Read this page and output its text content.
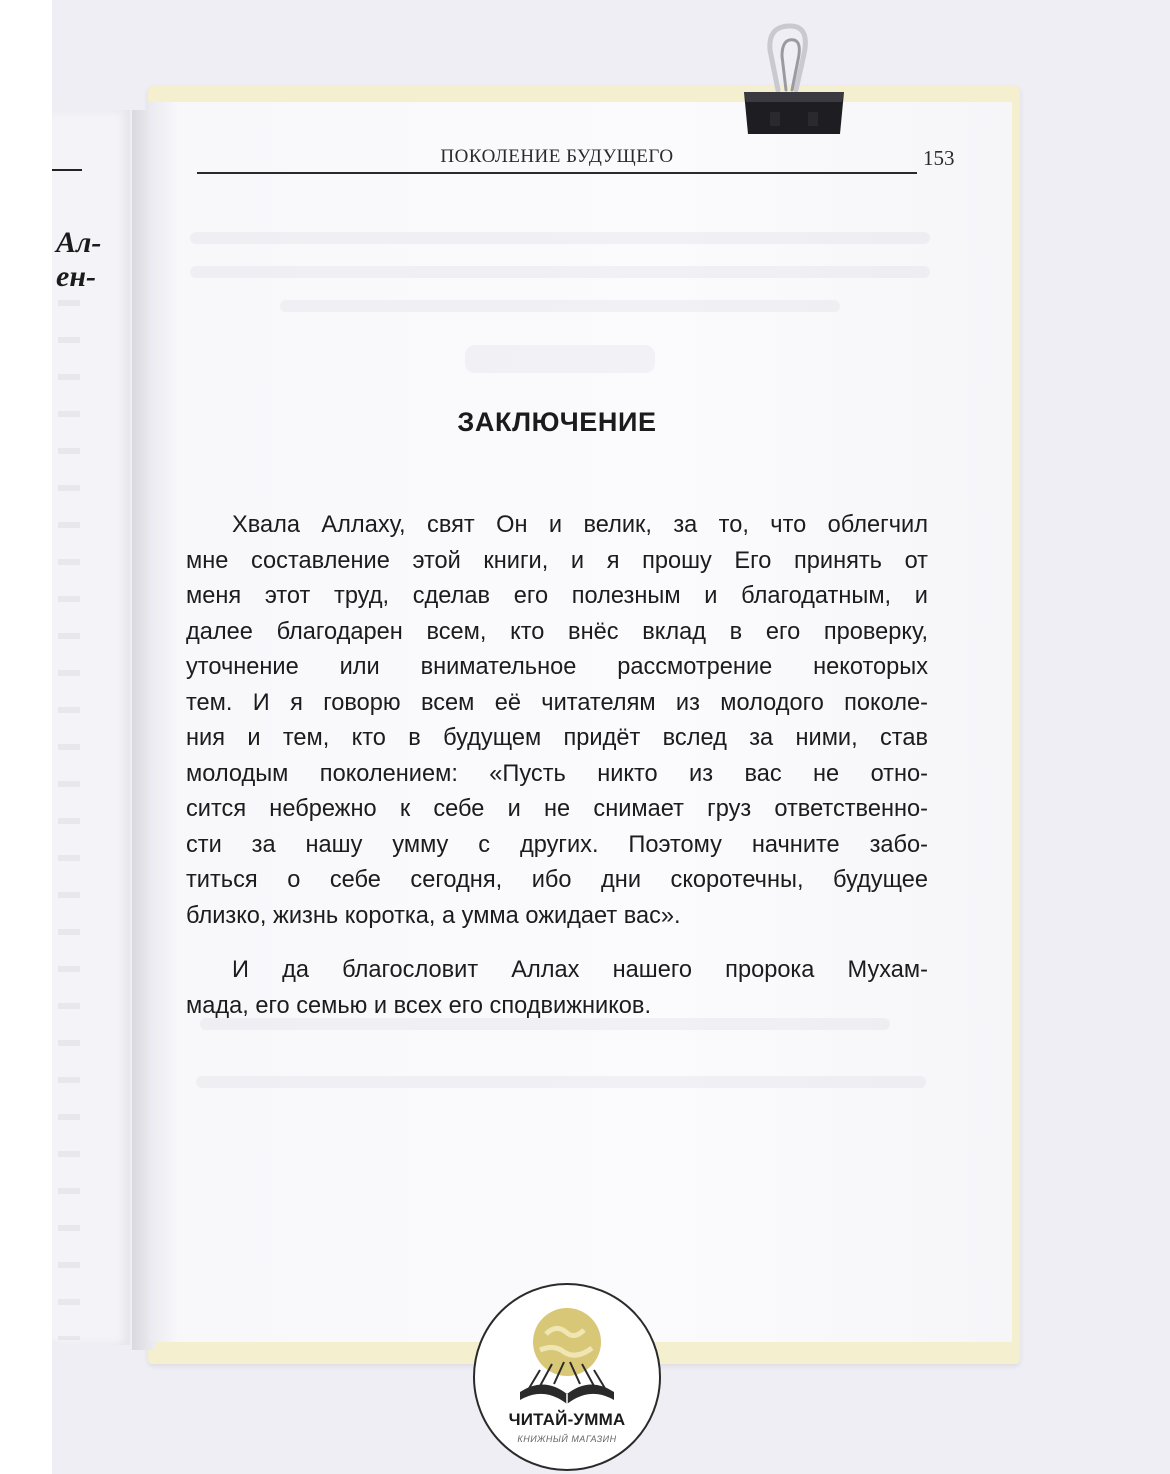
Ал-
ен-
ПОКОЛЕНИЕ БУДУЩЕГО	153
ЗАКЛЮЧЕНИЕ
Хвала Аллаху, свят Он и велик, за то, что облегчил
мне составление этой книги, и я прошу Его принять от
меня этот труд, сделав его полезным и благодатным, и
далее благодарен всем, кто внёс вклад в его проверку,
уточнение или внимательное рассмотрение некоторых
тем. И я говорю всем её читателям из молодого поколе-
ния и тем, кто в будущем придёт вслед за ними, став
молодым поколением: «Пусть никто из вас не отно-
сится небрежно к себе и не снимает груз ответственно-
сти за нашу умму с других. Поэтому начните забо-
титься о себе сегодня, ибо дни скоротечны, будущее
близко, жизнь коротка, а умма ожидает вас».
И да благословит Аллах нашего пророка Мухам-
мада, его семью и всех его сподвижников.
ЧИТАЙ-УММА
КНИЖНЫЙ МАГАЗИН
